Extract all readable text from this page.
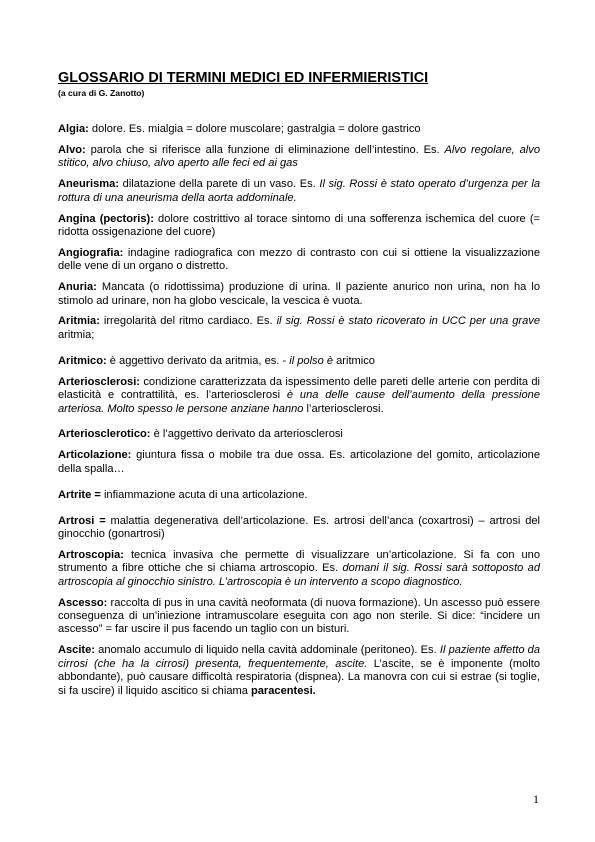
GLOSSARIO DI TERMINI MEDICI ED INFERMIERISTICI

(a cura di G. Zanotto)

Algia: dolore. Es. mialgia = dolore muscolare; gastralgia = dolore gastrico

Alvo: parola che si riferisce alla funzione di eliminazione dell’intestino. Es. Alvo regolare, alvo stitico, alvo chiuso, alvo aperto alle feci ed ai gas

Aneurisma: dilatazione della parete di un vaso. Es. Il sig. Rossi è stato operato d’urgenza per la rottura di una aneurisma della aorta addominale.

Angina (pectoris): dolore costrittivo al torace sintomo di una sofferenza ischemica del cuore (= ridotta ossigenazione del cuore)

Angiografia: indagine radiografica con mezzo di contrasto con cui si ottiene la visualizzazione delle vene di un organo o distretto.

Anuria: Mancata (o ridottissima) produzione di urina. Il paziente anurico non urina, non ha lo stimolo ad urinare, non ha globo vescicale, la vescica è vuota.

Aritmia: irregolarità del ritmo cardiaco. Es. il sig. Rossi è stato ricoverato in UCC per una grave aritmia;

Aritmico: è aggettivo derivato da aritmia, es. - il polso è aritmico

Arteriosclerosi: condizione caratterizzata da ispessimento delle pareti delle arterie con perdita di elasticità e contrattilità, es. l’arteriosclerosi è una delle cause dell’aumento della pressione arteriosa. Molto spesso le persone anziane hanno l’arteriosclerosi.

Arteriosclerotico: è l’aggettivo derivato da arteriosclerosi

Articolazione: giuntura fissa o mobile tra due ossa. Es. articolazione del gomito, articolazione della spalla…

Artrite = infiammazione acuta di una articolazione.

Artrosi = malattia degenerativa dell’articolazione. Es. artrosi dell’anca (coxartrosi) – artrosi del ginocchio (gonartrosi)

Artroscopia: tecnica invasiva che permette di visualizzare un’articolazione. Si fa con uno strumento a fibre ottiche che si chiama artroscopio. Es. domani il sig. Rossi sarà sottoposto ad artroscopia al ginocchio sinistro. L’artroscopia è un intervento a scopo diagnostico.

Ascesso: raccolta di pus in una cavità neoformata (di nuova formazione). Un ascesso può essere conseguenza di un’iniezione intramuscolare eseguita con ago non sterile. Si dice: “incidere un ascesso” = far uscire il pus facendo un taglio con un bisturi.

Ascite: anomalo accumulo di liquido nella cavità addominale (peritoneo). Es. Il paziente affetto da cirrosi (che ha la cirrosi) presenta, frequentemente, ascite. L’ascite, se è imponente (molto abbondante), può causare difficoltà respiratoria (dispnea). La manovra con cui si estrae (si toglie, si fa uscire) il liquido ascitico si chiama paracentesi.

1
